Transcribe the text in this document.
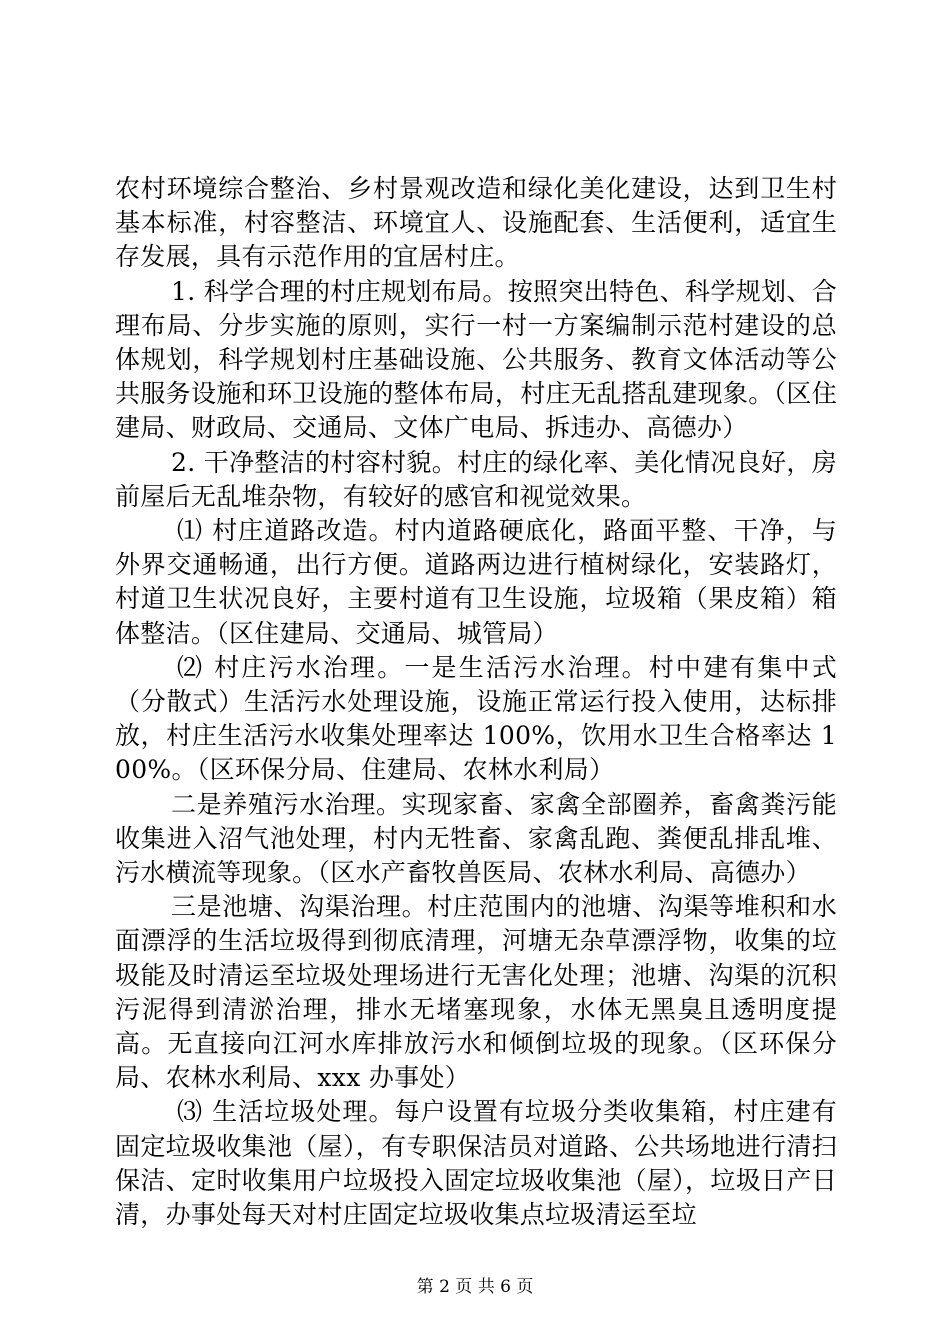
农村环境综合整治、乡村景观改造和绿化美化建设，达到卫生村基本标准，村容整洁、环境宜人、设施配套、生活便利，适宜生存发展，具有示范作用的宜居村庄。

1. 科学合理的村庄规划布局。按照突出特色、科学规划、合理布局、分步实施的原则，实行一村一方案编制示范村建设的总体规划，科学规划村庄基础设施、公共服务、教育文体活动等公共服务设施和环卫设施的整体布局，村庄无乱搭乱建现象。（区住建局、财政局、交通局、文体广电局、拆违办、高德办）

2. 干净整洁的村容村貌。村庄的绿化率、美化情况良好，房前屋后无乱堆杂物，有较好的感官和视觉效果。

⑴ 村庄道路改造。村内道路硬底化，路面平整、干净，与外界交通畅通，出行方便。道路两边进行植树绿化，安装路灯，村道卫生状况良好，主要村道有卫生设施，垃圾箱（果皮箱）箱体整洁。（区住建局、交通局、城管局）

⑵ 村庄污水治理。一是生活污水治理。村中建有集中式（分散式）生活污水处理设施，设施正常运行投入使用，达标排放，村庄生活污水收集处理率达 100%，饮用水卫生合格率达 100%。（区环保分局、住建局、农林水利局）

二是养殖污水治理。实现家畜、家禽全部圈养，畜禽粪污能收集进入沼气池处理，村内无牲畜、家禽乱跑、粪便乱排乱堆、污水横流等现象。（区水产畜牧兽医局、农林水利局、高德办）

三是池塘、沟渠治理。村庄范围内的池塘、沟渠等堆积和水面漂浮的生活垃圾得到彻底清理，河塘无杂草漂浮物，收集的垃圾能及时清运至垃圾处理场进行无害化处理；池塘、沟渠的沉积污泥得到清淤治理，排水无堵塞现象，水体无黑臭且透明度提高。无直接向江河水库排放污水和倾倒垃圾的现象。（区环保分局、农林水利局、xxx 办事处）

⑶ 生活垃圾处理。每户设置有垃圾分类收集箱，村庄建有固定垃圾收集池（屋），有专职保洁员对道路、公共场地进行清扫保洁、定时收集用户垃圾投入固定垃圾收集池（屋），垃圾日产日清，办事处每天对村庄固定垃圾收集点垃圾清运至垃

第 2 页 共 6 页
